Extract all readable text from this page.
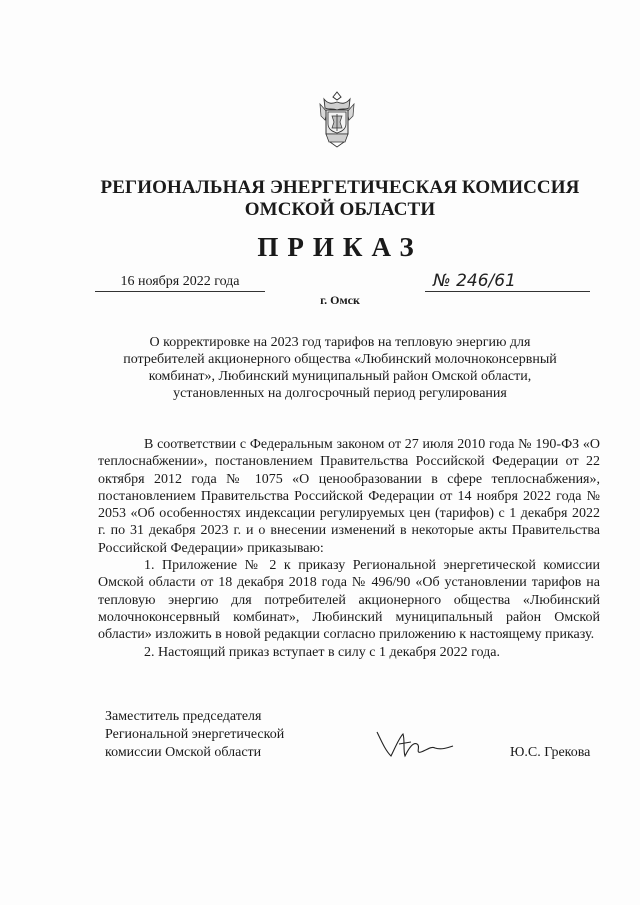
РЕГИОНАЛЬНАЯ ЭНЕРГЕТИЧЕСКАЯ КОМИССИЯ
ОМСКОЙ ОБЛАСТИ
ПРИКАЗ
16 ноября 2022 года	№ 246/61
г. Омск
О корректировке на 2023 год тарифов на тепловую энергию для потребителей акционерного общества «Любинский молочноконсервный комбинат», Любинский муниципальный район Омской области, установленных на долгосрочный период регулирования

В соответствии с Федеральным законом от 27 июля 2010 года № 190-ФЗ «О теплоснабжении», постановлением Правительства Российской Федерации от 22 октября 2012 года № 1075 «О ценообразовании в сфере теплоснабжения», постановлением Правительства Российской Федерации от 14 ноября 2022 года № 2053 «Об особенностях индексации регулируемых цен (тарифов) с 1 декабря 2022 г. по 31 декабря 2023 г. и о внесении изменений в некоторые акты Правительства Российской Федерации» приказываю:

1. Приложение № 2 к приказу Региональной энергетической комиссии Омской области от 18 декабря 2018 года № 496/90 «Об установлении тарифов на тепловую энергию для потребителей акционерного общества «Любинский молочноконсервный комбинат», Любинский муниципальный район Омской области» изложить в новой редакции согласно приложению к настоящему приказу.

2. Настоящий приказ вступает в силу с 1 декабря 2022 года.

Заместитель председателя
Региональной энергетической
комиссии Омской области	Ю.С. Грекова
